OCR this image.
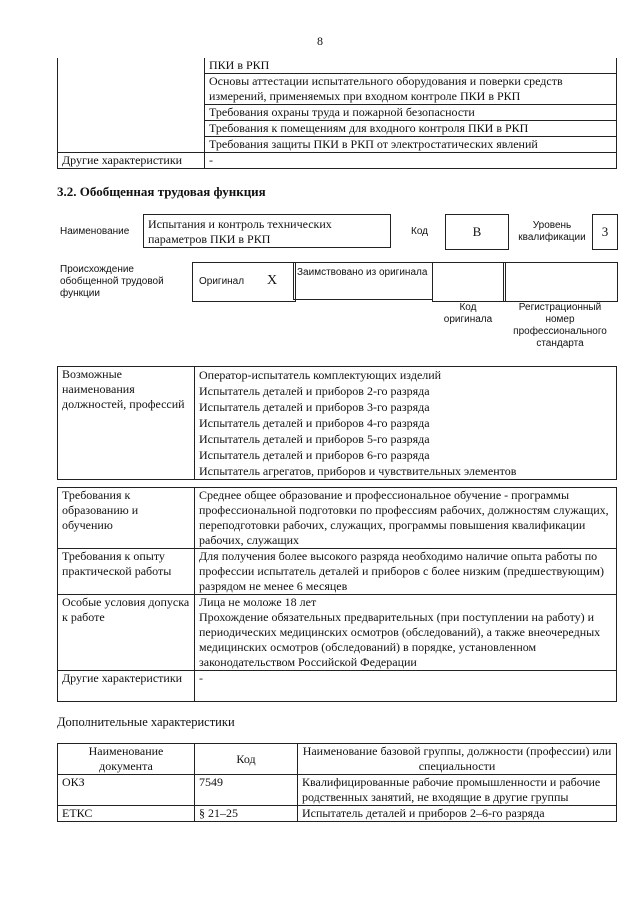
8
	ПКИ в РКП
	Основы аттестации испытательного оборудования и поверки средств измерений, применяемых при входном контроле ПКИ в РКП
	Требования охраны труда и пожарной безопасности
	Требования к помещениям для входного контроля ПКИ в РКП
	Требования защиты ПКИ в РКП от электростатических явлений
Другие характеристики	-
3.2. Обобщенная трудовая функция
Наименование
Испытания и контроль технических параметров ПКИ в РКП
Код	B	Уровень квалификации	3
Происхождение обобщенной трудовой функции
Оригинал X
Заимствовано из оригинала
Код оригинала
Регистрационный номер профессионального стандарта
Возможные наименования должностей, профессий	Оператор-испытатель комплектующих изделий
Испытатель деталей и приборов 2-го разряда
Испытатель деталей и приборов 3-го разряда
Испытатель деталей и приборов 4-го разряда
Испытатель деталей и приборов 5-го разряда
Испытатель деталей и приборов 6-го разряда
Испытатель агрегатов, приборов и чувствительных элементов
Требования к образованию и обучению	Среднее общее образование и профессиональное обучение - программы профессиональной подготовки по профессиям рабочих, должностям служащих, переподготовки рабочих, служащих, программы повышения квалификации рабочих, служащих
Требования к опыту практической работы	Для получения более высокого разряда необходимо наличие опыта работы по профессии испытатель деталей и приборов с более низким (предшествующим) разрядом не менее 6 месяцев
Особые условия допуска к работе	Лица не моложе 18 лет
	Прохождение обязательных предварительных (при поступлении на работу) и периодических медицинских осмотров (обследований), а также внеочередных медицинских осмотров (обследований) в порядке, установленном законодательством Российской Федерации
Другие характеристики	-
Дополнительные характеристики
Наименование документа	Код	Наименование базовой группы, должности (профессии) или специальности
ОКЗ	7549	Квалифицированные рабочие промышленности и рабочие родственных занятий, не входящие в другие группы
ЕТКС	§ 21–25	Испытатель деталей и приборов 2–6-го разряда
